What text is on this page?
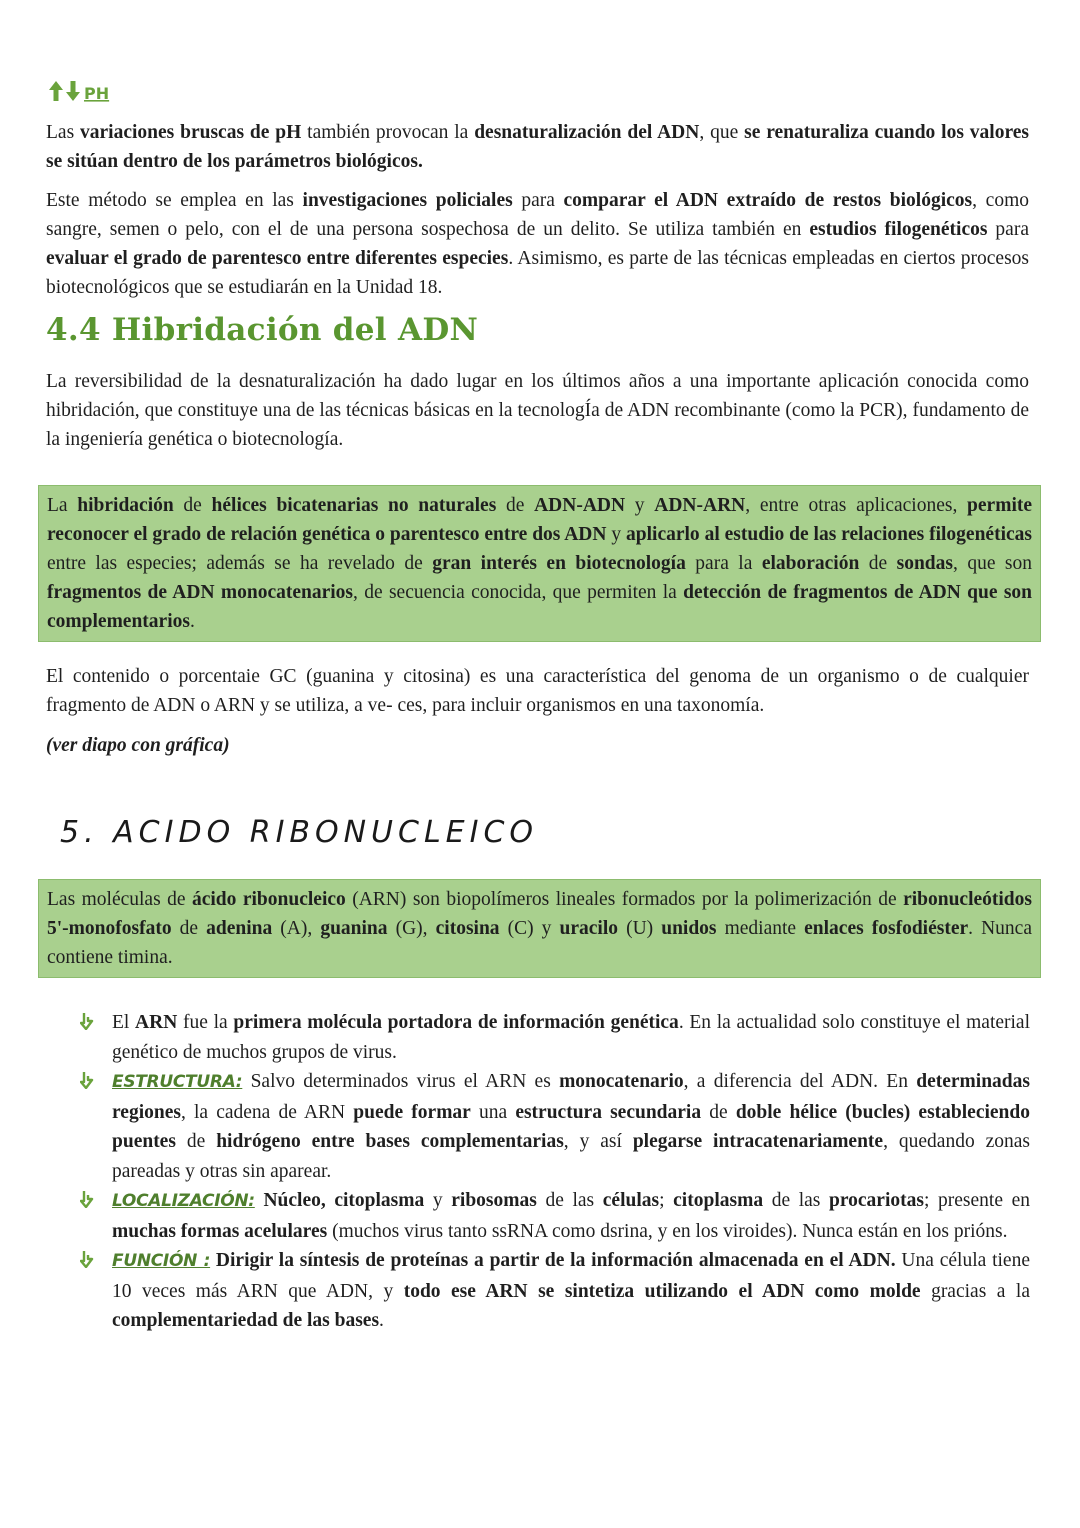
PH

Las variaciones bruscas de pH también provocan la desnaturalización del ADN, que se renaturaliza cuando los valores se sitúan dentro de los parámetros biológicos.

Este método se emplea en las investigaciones policiales para comparar el ADN extraído de restos biológicos, como sangre, semen o pelo, con el de una persona sospechosa de un delito. Se utiliza también en estudios filogenéticos para evaluar el grado de parentesco entre diferentes especies. Asimismo, es parte de las técnicas empleadas en ciertos procesos biotecnológicos que se estudiarán en la Unidad 18.

4.4 Hibridación del ADN

La reversibilidad de la desnaturalización ha dado lugar en los últimos años a una importante aplicación conocida como hibridación, que constituye una de las técnicas básicas en la tecnologÍa de ADN recombinante (como la PCR), fundamento de la ingeniería genética o biotecnología.

La hibridación de hélices bicatenarias no naturales de ADN-ADN y ADN-ARN, entre otras aplicaciones, permite reconocer el grado de relación genética o parentesco entre dos ADN y aplicarlo al estudio de las relaciones filogenéticas entre las especies; además se ha revelado de gran interés en biotecnología para la elaboración de sondas, que son fragmentos de ADN monocatenarios, de secuencia conocida, que permiten la detección de fragmentos de ADN que son complementarios.

El contenido o porcentaie GC (guanina y citosina) es una característica del genoma de un organismo o de cualquier fragmento de ADN o ARN y se utiliza, a ve- ces, para incluir organismos en una taxonomía.

(ver diapo con gráfica)

5. ACIDO RIBONUCLEICO

Las moléculas de ácido ribonucleico (ARN) son biopolímeros lineales formados por la polimerización de ribonucleótidos 5'-monofosfato de adenina (A), guanina (G), citosina (C) y uracilo (U) unidos mediante enlaces fosfodiéster. Nunca contiene timina.

El ARN fue la primera molécula portadora de información genética. En la actualidad solo constituye el material genético de muchos grupos de virus.
ESTRUCTURA: Salvo determinados virus el ARN es monocatenario, a diferencia del ADN. En determinadas regiones, la cadena de ARN puede formar una estructura secundaria de doble hélice (bucles) estableciendo puentes de hidrógeno entre bases complementarias, y así plegarse intracatenariamente, quedando zonas pareadas y otras sin aparear.
LOCALIZACIÓN: Núcleo, citoplasma y ribosomas de las células; citoplasma de las procariotas; presente en muchas formas acelulares (muchos virus tanto ssRNA como dsrina, y en los viroides). Nunca están en los prións.
FUNCIÓN : Dirigir la síntesis de proteínas a partir de la información almacenada en el ADN. Una célula tiene 10 veces más ARN que ADN, y todo ese ARN se sintetiza utilizando el ADN como molde gracias a la complementariedad de las bases.
